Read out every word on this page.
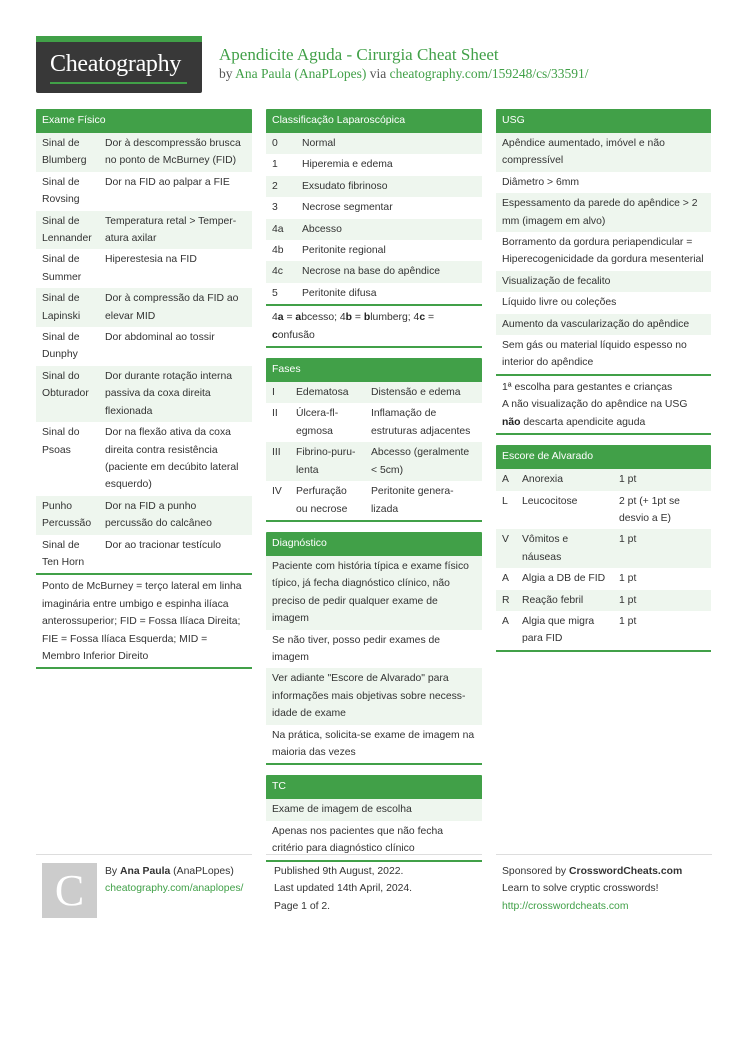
Cheatography Apendicite Aguda - Cirurgia Cheat Sheet
by Ana Paula (AnaPLopes) via cheatography.com/159248/cs/33591/
Exame Físico
Sinal de Blumberg	Dor à descompressão brusca no ponto de McBurney (FID)
Sinal de Rovsing	Dor na FID ao palpar a FIE
Sinal de Lennander	Temperatura retal > Temperatura axilar
Sinal de Summer	Hiperestesia na FID
Sinal de Lapinski	Dor à compressão da FID ao elevar MID
Sinal de Dunphy	Dor abdominal ao tossir
Sinal do Obturador	Dor durante rotação interna passiva da coxa direita flexionada
Sinal do Psoas	Dor na flexão ativa da coxa direita contra resistência (paciente em decúbito lateral esquerdo)
Punho Percussão	Dor na FID a punho percussão do calcâneo
Sinal de Ten Horn	Dor ao tracionar testículo
Ponto de McBurney = terço lateral em linha imaginária entre umbigo e espinha ilíaca anterossuperior; FID = Fossa Ilíaca Direita; FIE = Fossa Ilíaca Esquerda; MID = Membro Inferior Direito
Classificação Laparoscópica
0	Normal
1	Hiperemia e edema
2	Exsudato fibrinoso
3	Necrose segmentar
4a	Abcesso
4b	Peritonite regional
4c	Necrose na base do apêndice
5	Peritonite difusa
4a = abcesso; 4b = blumberg; 4c = confusão
Fases
I	Edematosa	Distensão e edema
II	Úlcera-flegmosa	Inflamação de estruturas adjacentes
III	Fibrino-purulenta	Abcesso (geralmente < 5cm)
IV	Perfuração ou necrose	Peritonite generalizada
Diagnóstico
Paciente com história típica e exame físico típico, já fecha diagnóstico clínico, não preciso de pedir qualquer exame de imagem
Se não tiver, posso pedir exames de imagem
Ver adiante "Escore de Alvarado" para informações mais objetivas sobre necessidade de exame
Na prática, solicita-se exame de imagem na maioria das vezes
TC
Exame de imagem de escolha
Apenas nos pacientes que não fecha critério para diagnóstico clínico
USG
Apêndice aumentado, imóvel e não compressível
Diâmetro > 6mm
Espessamento da parede do apêndice > 2 mm (imagem em alvo)
Borramento da gordura periapendicular = Hiperecogenicidade da gordura mesenterial
Visualização de fecalito
Líquido livre ou coleções
Aumento da vascularização do apêndice
Sem gás ou material líquido espesso no interior do apêndice
1ª escolha para gestantes e crianças
A não visualização do apêndice na USG
não descarta apendicite aguda
Escore de Alvarado
A	Anorexia	1 pt
L	Leucocitose	2 pt (+ 1pt se desvio a E)
V	Vômitos e náuseas	1 pt
A	Algia a DB de FID	1 pt
R	Reação febril	1 pt
A	Algia que migra para FID	1 pt
C	By Ana Paula (AnaPLopes)
cheatography.com/anaplopes/
Published 9th August, 2022.
Last updated 14th April, 2024.
Page 1 of 2.
Sponsored by CrosswordCheats.com
Learn to solve cryptic crosswords!
http://crosswordcheats.com
